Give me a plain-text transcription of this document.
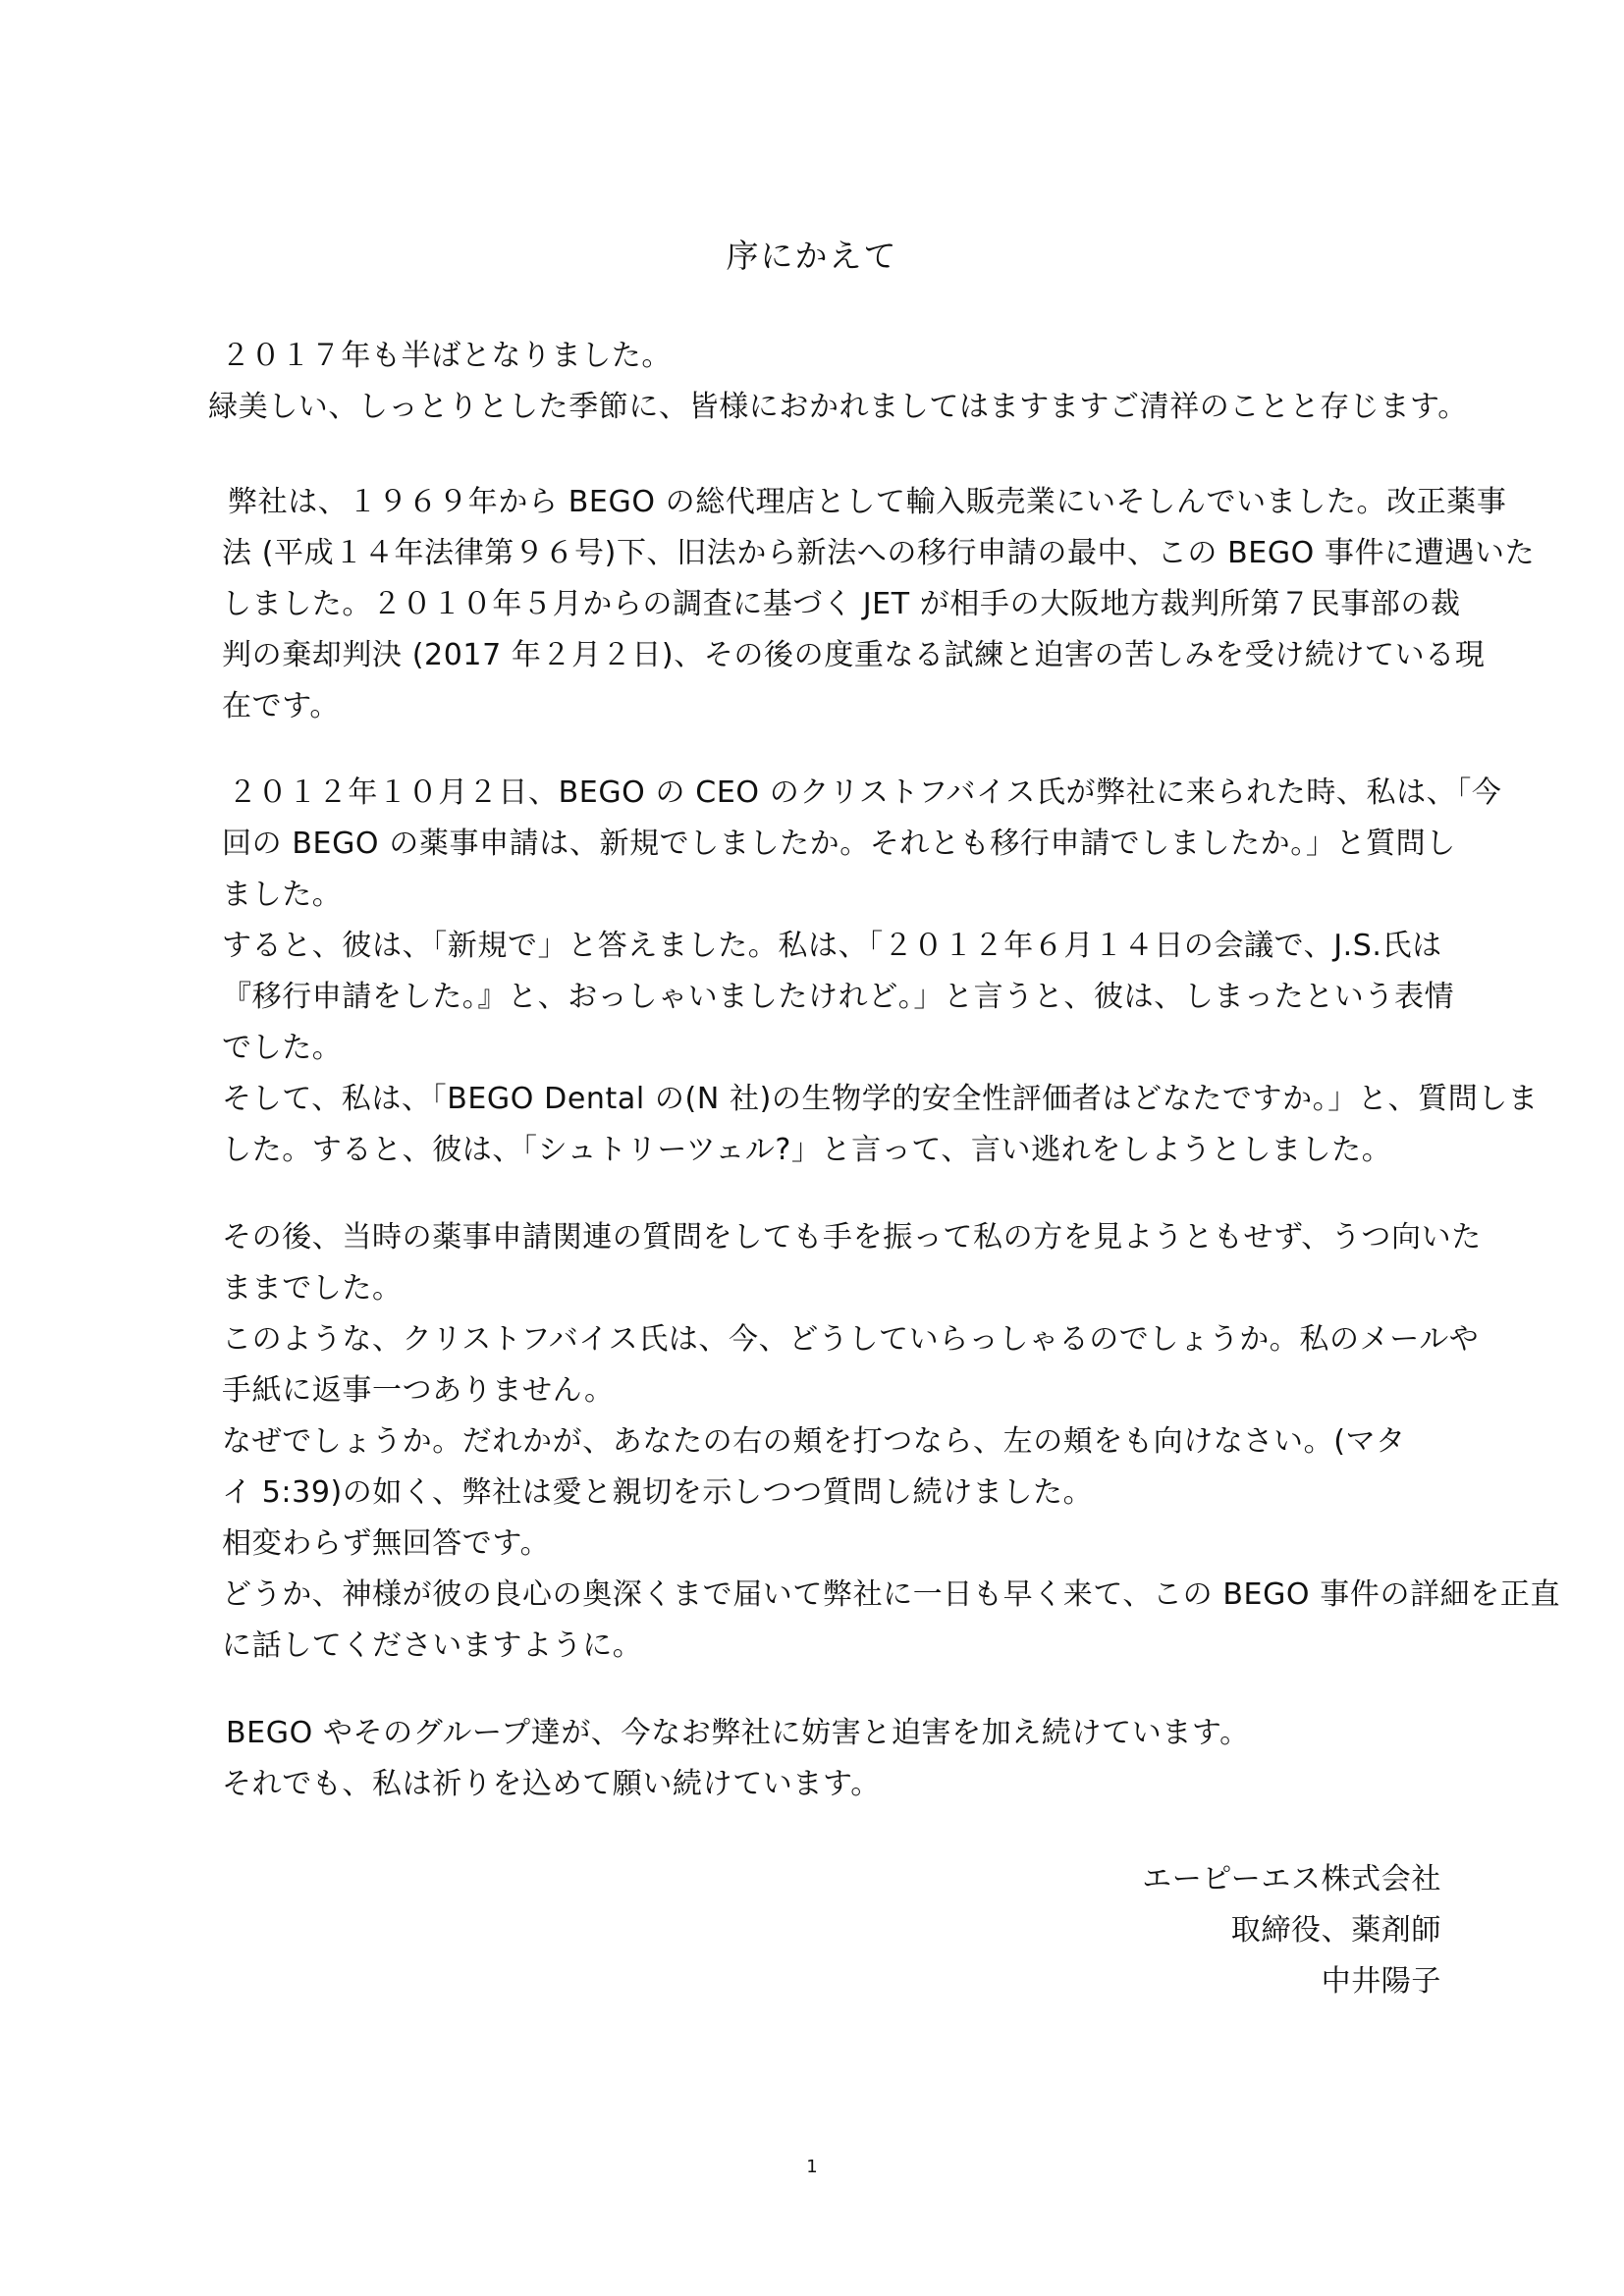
序にかえて
２０１７年も半ばとなりました。
緑美しい、しっとりとした季節に、皆様におかれましてはますますご清祥のことと存じます。
弊社は、１９６９年から BEGO の総代理店として輸入販売業にいそしんでいました。改正薬事
法 (平成１４年法律第９６号)下、旧法から新法への移行申請の最中、この BEGO 事件に遭遇いた
しました。２０１０年５月からの調査に基づく JET が相手の大阪地方裁判所第７民事部の裁
判の棄却判決 (2017 年２月２日)、その後の度重なる試練と迫害の苦しみを受け続けている現
在です。
２０１２年１０月２日、BEGO の CEO のクリストフバイス氏が弊社に来られた時、私は、「今
回の BEGO の薬事申請は、新規でしましたか。それとも移行申請でしましたか。」と質問し
ました。
すると、彼は、「新規で」と答えました。私は、「２０１２年６月１４日の会議で、J.S.氏は
『移行申請をした。』と、おっしゃいましたけれど。」と言うと、彼は、しまったという表情
でした。
そして、私は、「BEGO Dental の(N 社)の生物学的安全性評価者はどなたですか。」と、質問しま
した。すると、彼は、「シュトリーツェル?」と言って、言い逃れをしようとしました。
その後、当時の薬事申請関連の質問をしても手を振って私の方を見ようともせず、うつ向いた
ままでした。
このような、クリストフバイス氏は、今、どうしていらっしゃるのでしょうか。私のメールや
手紙に返事一つありません。
なぜでしょうか。だれかが、あなたの右の頬を打つなら、左の頬をも向けなさい。(マタ
イ 5:39)の如く、弊社は愛と親切を示しつつ質問し続けました。
相変わらず無回答です。
どうか、神様が彼の良心の奥深くまで届いて弊社に一日も早く来て、この BEGO 事件の詳細を正直
に話してくださいますように。
BEGO やそのグループ達が、今なお弊社に妨害と迫害を加え続けています。
それでも、私は祈りを込めて願い続けています。
エーピーエス株式会社
取締役、薬剤師
中井陽子
1
